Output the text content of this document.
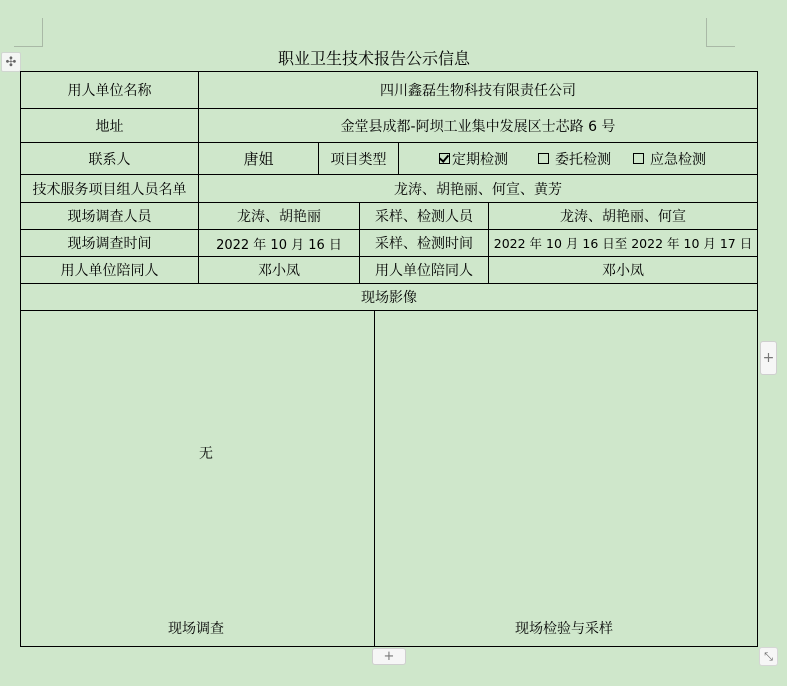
✣	职业卫生技术报告公示信息
用人单位名称	四川鑫磊生物科技有限责任公司
地址	金堂县成都-阿坝工业集中发展区士芯路 6 号
联系人	唐姐	项目类型	定期检测	委托检测	应急检测
技术服务项目组人员名单	龙涛、胡艳丽、何宣、黄芳
现场调查人员	龙涛、胡艳丽	采样、检测人员	龙涛、胡艳丽、何宣
现场调查时间	2022 年 10 月 16 日	采样、检测时间	2022 年 10 月 16 日至 2022 年 10 月 17 日
用人单位陪同人	邓小凤	用人单位陪同人	邓小凤
现场影像
无
现场调查	现场检验与采样
+
+	⤡
